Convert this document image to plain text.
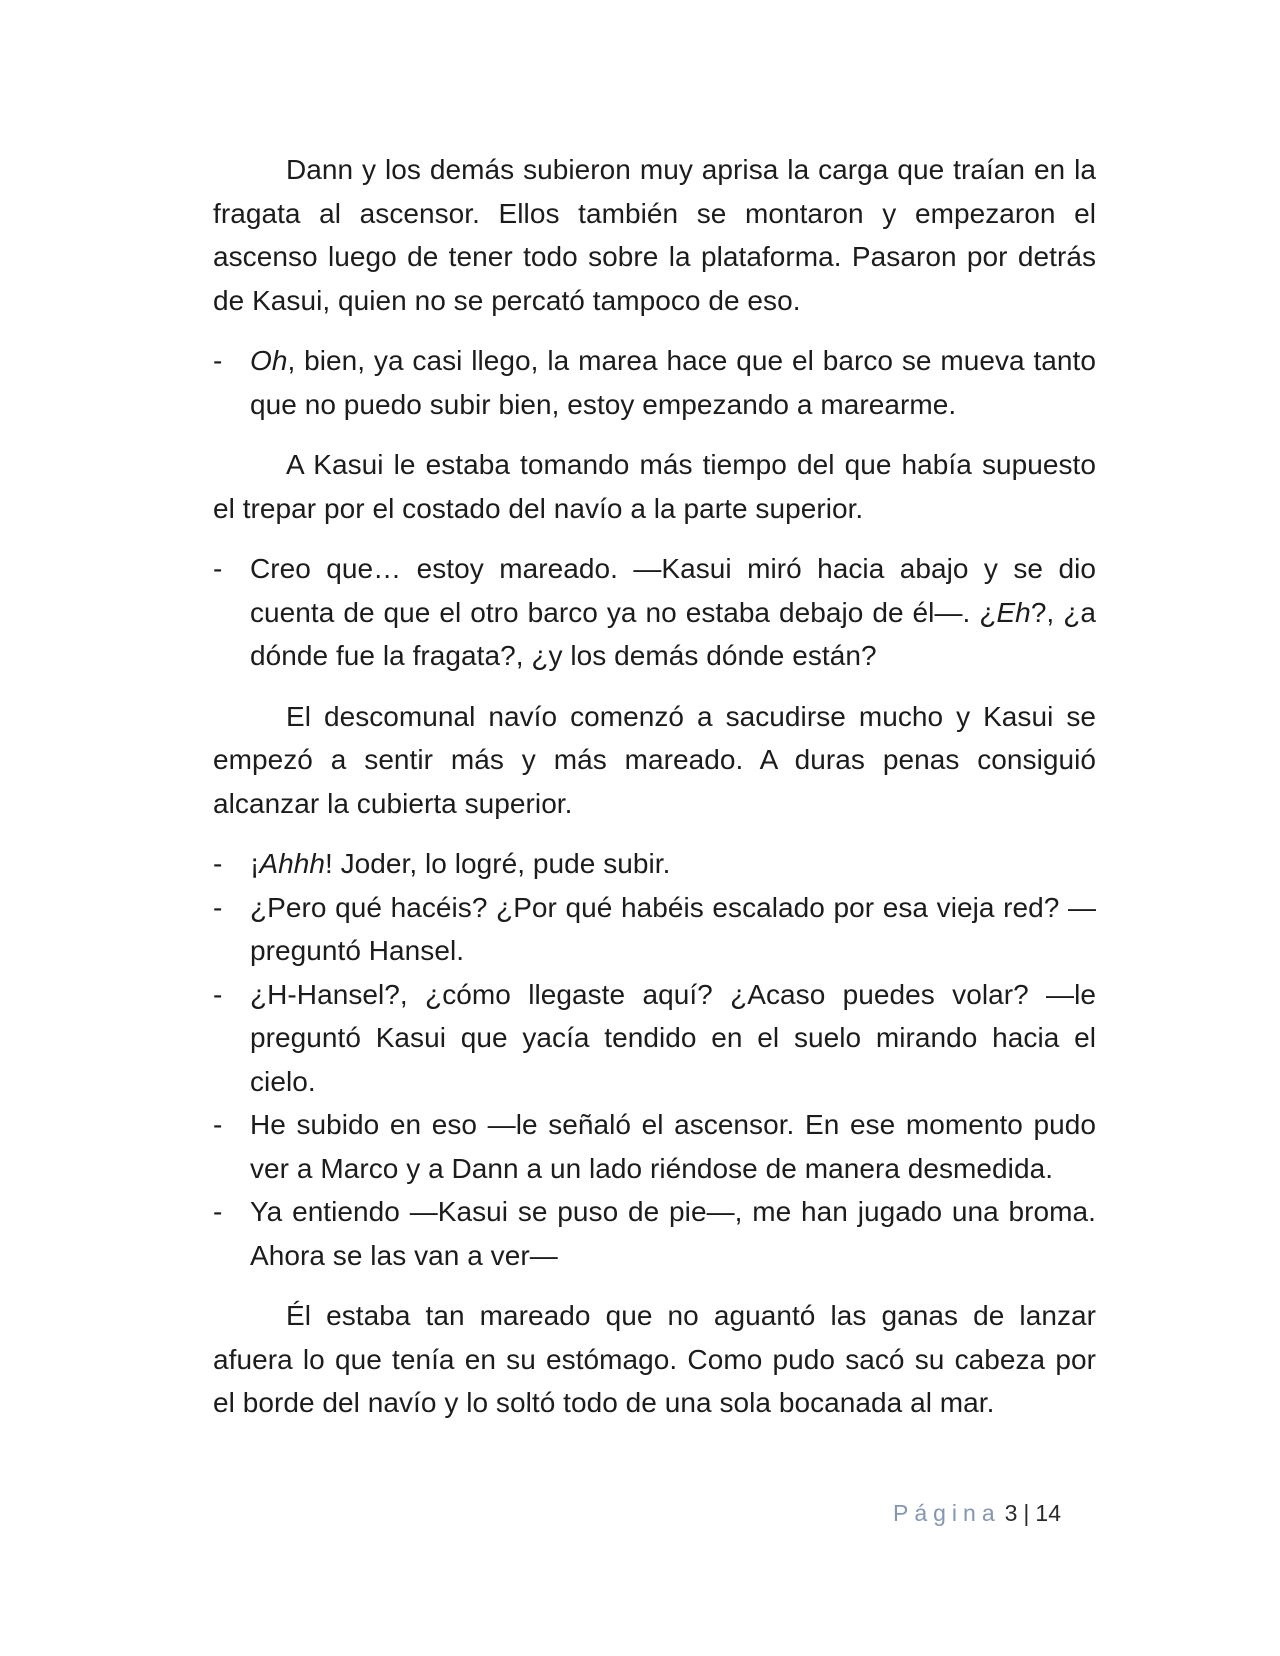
Dann y los demás subieron muy aprisa la carga que traían en la fragata al ascensor. Ellos también se montaron y empezaron el ascenso luego de tener todo sobre la plataforma. Pasaron por detrás de Kasui, quien no se percató tampoco de eso.

- Oh, bien, ya casi llego, la marea hace que el barco se mueva tanto que no puedo subir bien, estoy empezando a marearme.

A Kasui le estaba tomando más tiempo del que había supuesto el trepar por el costado del navío a la parte superior.

- Creo que… estoy mareado. —Kasui miró hacia abajo y se dio cuenta de que el otro barco ya no estaba debajo de él—. ¿Eh?, ¿a dónde fue la fragata?, ¿y los demás dónde están?

El descomunal navío comenzó a sacudirse mucho y Kasui se empezó a sentir más y más mareado. A duras penas consiguió alcanzar la cubierta superior.

- ¡Ahhh! Joder, lo logré, pude subir.
- ¿Pero qué hacéis? ¿Por qué habéis escalado por esa vieja red? —preguntó Hansel.
- ¿H-Hansel?, ¿cómo llegaste aquí? ¿Acaso puedes volar? —le preguntó Kasui que yacía tendido en el suelo mirando hacia el cielo.
- He subido en eso —le señaló el ascensor. En ese momento pudo ver a Marco y a Dann a un lado riéndose de manera desmedida.
- Ya entiendo —Kasui se puso de pie—, me han jugado una broma. Ahora se las van a ver—

Él estaba tan mareado que no aguantó las ganas de lanzar afuera lo que tenía en su estómago. Como pudo sacó su cabeza por el borde del navío y lo soltó todo de una sola bocanada al mar.

Página 3 | 14
